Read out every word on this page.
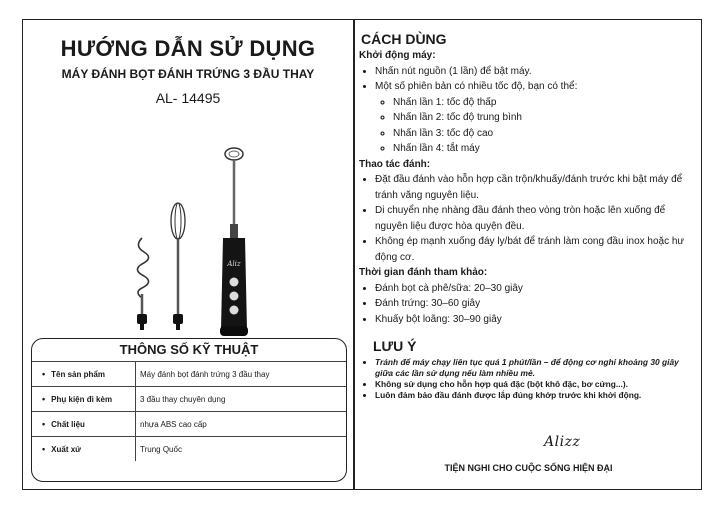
HƯỚNG DẪN SỬ DỤNG
MÁY ĐÁNH BỌT ĐÁNH TRỨNG 3 ĐẦU THAY
AL- 14495
Aliz
THÔNG SỐ KỸ THUẬT
• Tên sản phẩm	Máy đánh bọt đánh trứng 3 đầu thay
• Phụ kiện đi kèm	3 đầu thay chuyên dụng
• Chất liệu	nhựa ABS cao cấp
• Xuất xứ	Trung Quốc
CÁCH DÙNG
Khởi động máy:
• Nhấn nút nguồn (1 lần) để bật máy.
• Một số phiên bản có nhiều tốc độ, bạn có thể:
◦ Nhấn lần 1: tốc độ thấp
◦ Nhấn lần 2: tốc độ trung bình
◦ Nhấn lần 3: tốc độ cao
◦ Nhấn lần 4: tắt máy
Thao tác đánh:
• Đặt đầu đánh vào hỗn hợp cần trộn/khuấy/đánh trước khi bật máy để tránh văng nguyên liệu.
• Di chuyển nhẹ nhàng đầu đánh theo vòng tròn hoặc lên xuống để nguyên liệu được hòa quyện đều.
• Không ép mạnh xuống đáy ly/bát để tránh làm cong đầu inox hoặc hư động cơ.
Thời gian đánh tham khảo:
• Đánh bọt cà phê/sữa: 20–30 giây
• Đánh trứng: 30–60 giây
• Khuấy bột loãng: 30–90 giây
LƯU Ý
• Tránh để máy chạy liên tục quá 1 phút/lần – để động cơ nghỉ khoảng 30 giây giữa các lần sử dụng nếu làm nhiều mẻ.
• Không sử dụng cho hỗn hợp quá đặc (bột khô đặc, bơ cứng...).
• Luôn đảm bảo đầu đánh được lắp đúng khớp trước khi khởi động.
Alizz
TIỆN NGHI CHO CUỘC SỐNG HIỆN ĐẠI
